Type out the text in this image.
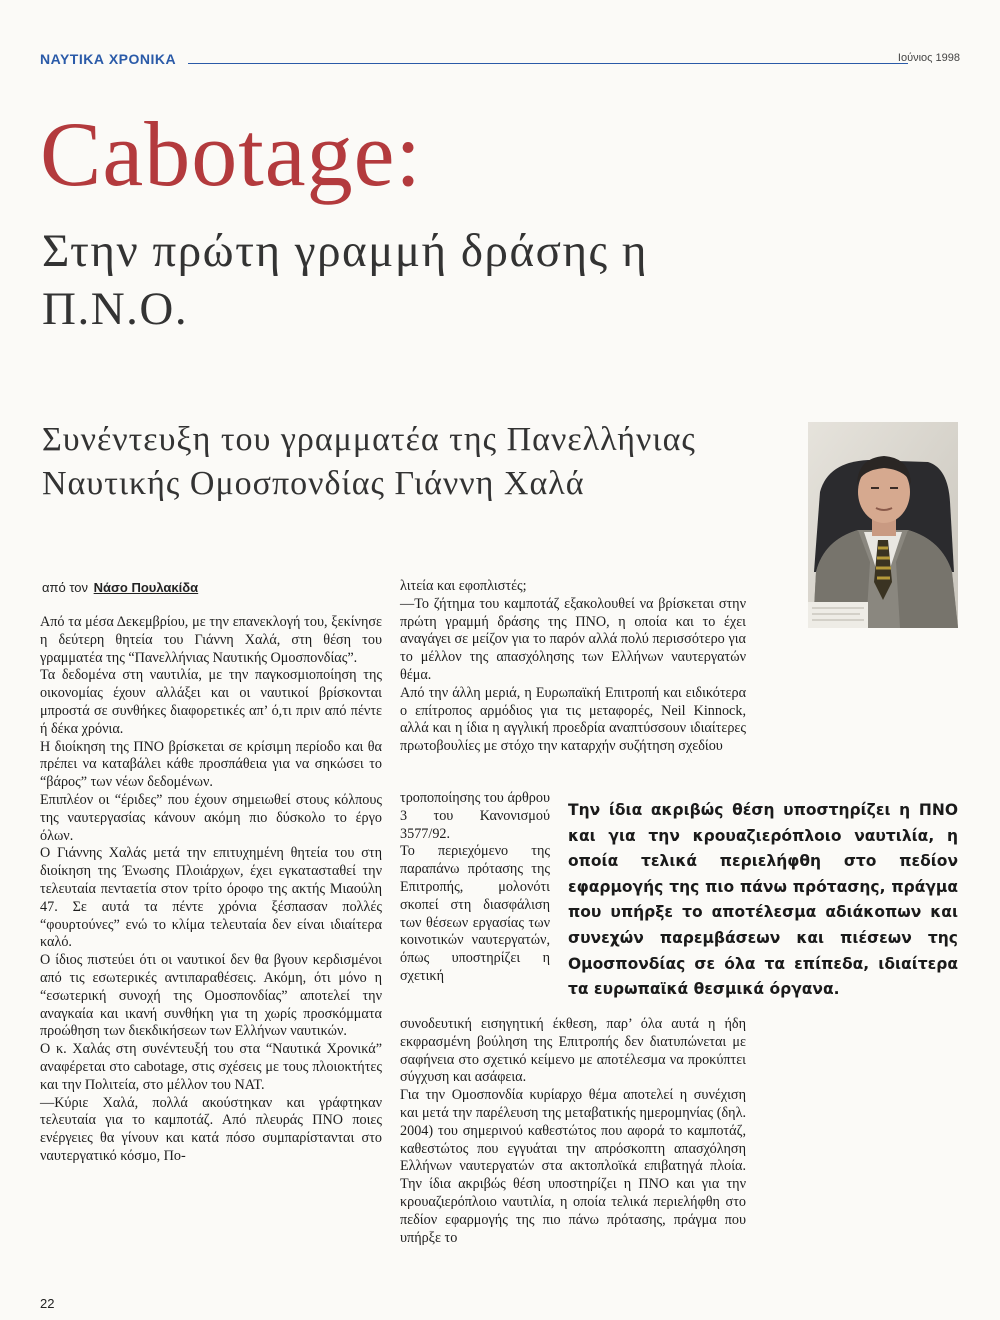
ΝΑΥΤΙΚΑ ΧΡΟΝΙΚΑ	Ιούνιος 1998
Cabotage:
Στην πρώτη γραμμή δράσης η Π.Ν.Ο.
Συνέντευξη του γραμματέα της Πανελλήνιας Ναυτικής Ομοσπονδίας Γιάννη Χαλά
από τον Νάσο Πουλακίδα

Από τα μέσα Δεκεμβρίου, με την επανεκλογή του, ξεκίνησε η δεύτερη θητεία του Γιάννη Χαλά, στη θέση του γραμματέα της “Πανελλήνιας Ναυτικής Ομοσπονδίας”.

Τα δεδομένα στη ναυτιλία, με την παγκοσμιοποίηση της οικονομίας έχουν αλλάξει και οι ναυτικοί βρίσκονται μπροστά σε συνθήκες διαφορετικές απ’ ό,τι πριν από πέντε ή δέκα χρόνια.

Η διοίκηση της ΠΝΟ βρίσκεται σε κρίσιμη περίοδο και θα πρέπει να καταβάλει κάθε προσπάθεια για να σηκώσει το “βάρος” των νέων δεδομένων.

Επιπλέον οι “έριδες” που έχουν σημειωθεί στους κόλπους της ναυτεργασίας κάνουν ακόμη πιο δύσκολο το έργο όλων.

Ο Γιάννης Χαλάς μετά την επιτυχημένη θητεία του στη διοίκηση της Ένωσης Πλοιάρχων, έχει εγκατασταθεί την τελευταία πενταετία στον τρίτο όροφο της ακτής Μιαούλη 47. Σε αυτά τα πέντε χρόνια ξέσπασαν πολλές “φουρτούνες” ενώ το κλίμα τελευταία δεν είναι ιδιαίτερα καλό.

Ο ίδιος πιστεύει ότι οι ναυτικοί δεν θα βγουν κερδισμένοι από τις εσωτερικές αντιπαραθέσεις. Ακόμη, ότι μόνο η “εσωτερική συνοχή της Ομοσπονδίας” αποτελεί την αναγκαία και ικανή συνθήκη για τη χωρίς προσκόμματα προώθηση των διεκδικήσεων των Ελλήνων ναυτικών.

Ο κ. Χαλάς στη συνέντευξή του στα “Ναυτικά Χρονικά” αναφέρεται στο cabotage, στις σχέσεις με τους πλοιοκτήτες και την Πολιτεία, στο μέλλον του ΝΑΤ.

—Κύριε Χαλά, πολλά ακούστηκαν και γράφτηκαν τελευταία για το καμποτάζ. Από πλευράς ΠΝΟ ποιες ενέργειες θα γίνουν και κατά πόσο συμπαρίστανται στο ναυτεργατικό κόσμο, Πο-

λιτεία και εφοπλιστές;

—Το ζήτημα του καμποτάζ εξακολουθεί να βρίσκεται στην πρώτη γραμμή δράσης της ΠΝΟ, η οποία και το έχει αναγάγει σε μείζον για το παρόν αλλά πολύ περισσότερο για το μέλλον της απασχόλησης των Ελλήνων ναυτεργατών θέμα.

Από την άλλη μεριά, η Ευρωπαϊκή Επιτροπή και ειδικότερα ο επίτροπος αρμόδιος για τις μεταφορές, Neil Kinnock, αλλά και η ίδια η αγγλική προεδρία αναπτύσσουν ιδιαίτερες πρωτοβουλίες με στόχο την καταρχήν συζήτηση σχεδίου

τροποποίησης του άρθρου 3 του Κανονισμού 3577/92.

Το περιεχόμενο της παραπάνω πρότασης της Επιτροπής, μολονότι σκοπεί στη διασφάλιση των θέσεων εργασίας των κοινοτικών ναυτεργατών, όπως υποστηρίζει η σχετική

Την ίδια ακριβώς θέση υποστηρίζει η ΠΝΟ και για την κρουαζιερόπλοιο ναυτιλία, η οποία τελικά περιελήφθη στο πεδίον εφαρμογής της πιο πάνω πρότασης, πράγμα που υπήρξε το αποτέλεσμα αδιάκοπων και συνεχών παρεμβάσεων και πιέσεων της Ομοσπονδίας σε όλα τα επίπεδα, ιδιαίτερα τα ευρωπαϊκά θεσμικά όργανα.

συνοδευτική εισηγητική έκθεση, παρ’ όλα αυτά η ήδη εκφρασμένη βούληση της Επιτροπής δεν διατυπώνεται με σαφήνεια στο σχετικό κείμενο με αποτέλεσμα να προκύπτει σύγχυση και ασάφεια.

Για την Ομοσπονδία κυρίαρχο θέμα αποτελεί η συνέχιση και μετά την παρέλευση της μεταβατικής ημερομηνίας (δηλ. 2004) του σημερινού καθεστώτος που αφορά το καμποτάζ, καθεστώτος που εγγυάται την απρόσκοπτη απασχόληση Ελλήνων ναυτεργατών στα ακτοπλοϊκά επιβατηγά πλοία. Την ίδια ακριβώς θέση υποστηρίζει η ΠΝΟ και για την κρουαζιερόπλοιο ναυτιλία, η οποία τελικά περιελήφθη στο πεδίον εφαρμογής της πιο πάνω πρότασης, πράγμα που υπήρξε το

22
